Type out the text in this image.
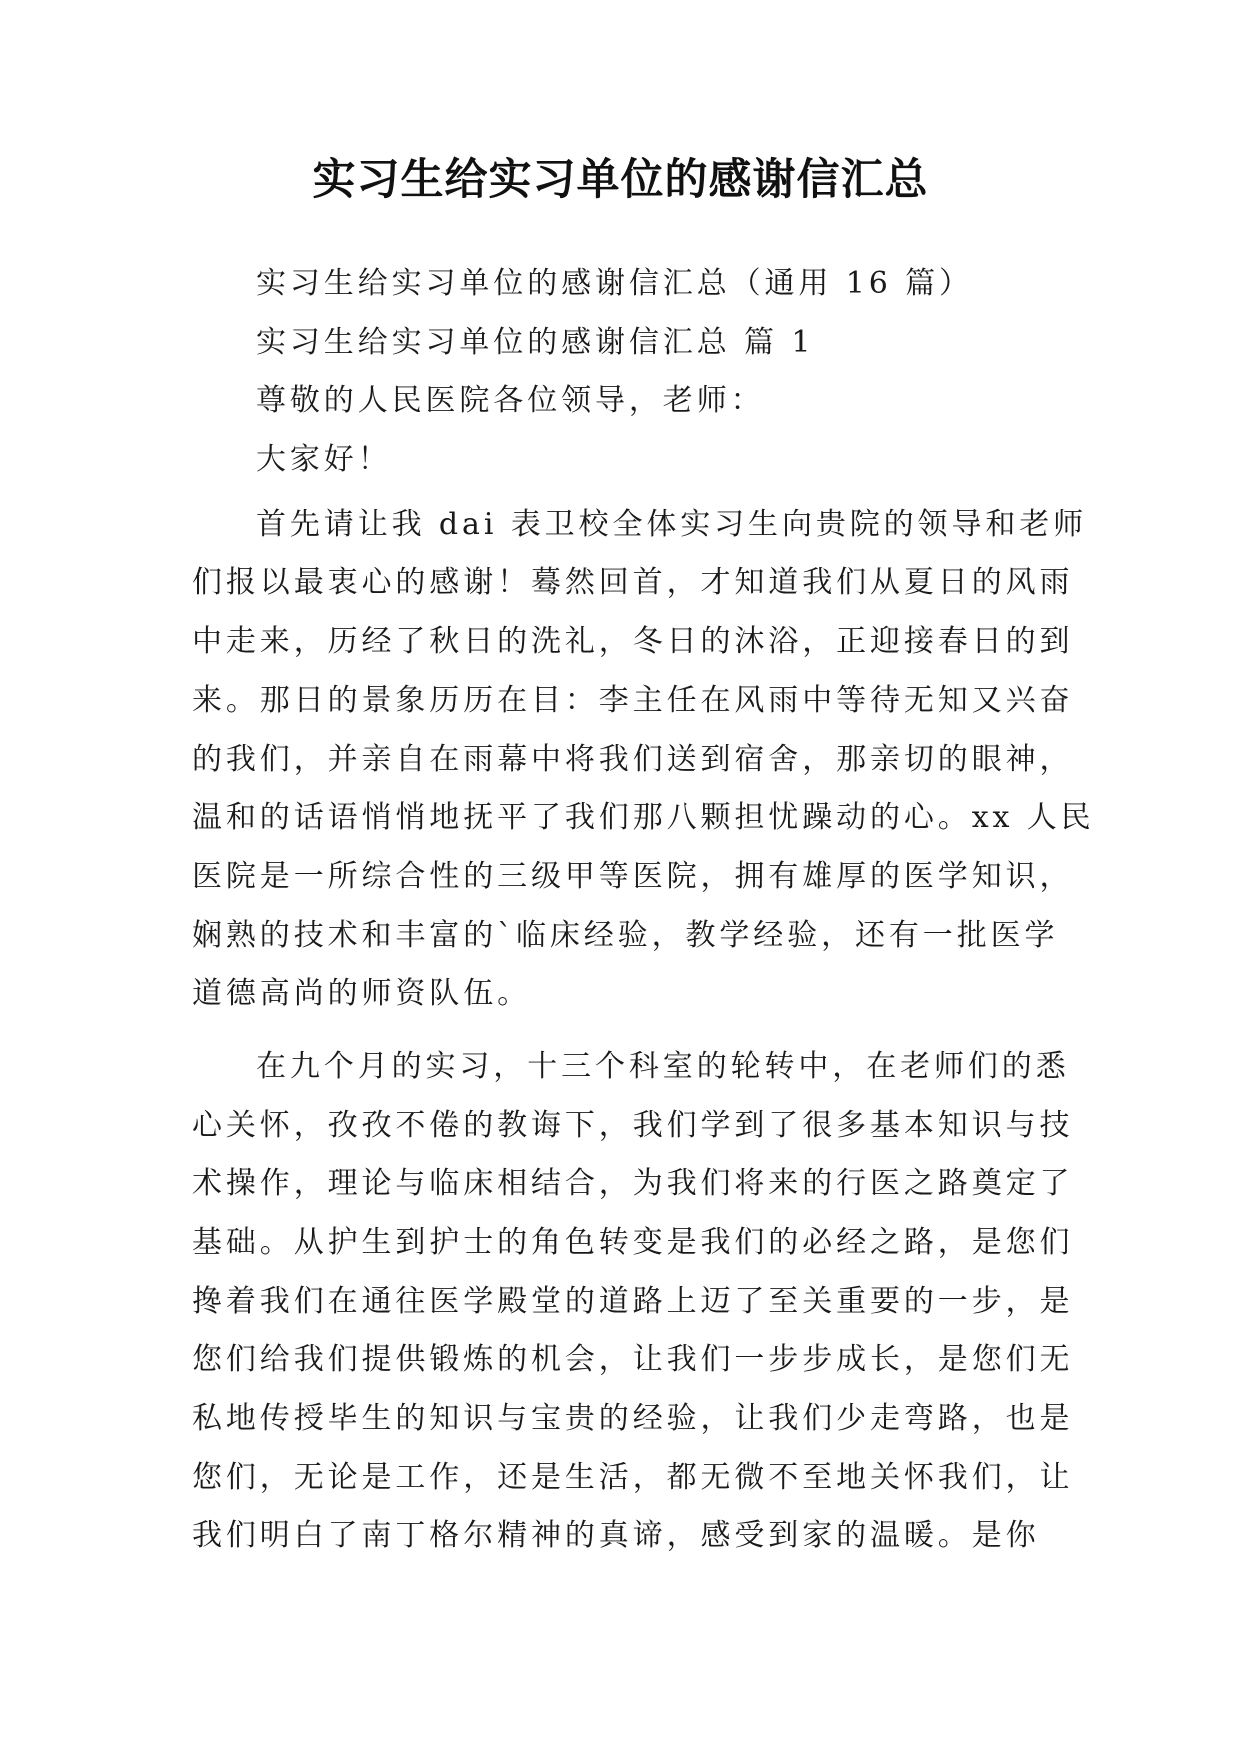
实习生给实习单位的感谢信汇总
实习生给实习单位的感谢信汇总（通用 16 篇）
实习生给实习单位的感谢信汇总 篇 1
尊敬的人民医院各位领导，老师：
大家好！
首先请让我 dai 表卫校全体实习生向贵院的领导和老师
们报以最衷心的感谢！蓦然回首，才知道我们从夏日的风雨
中走来，历经了秋日的洗礼，冬日的沐浴，正迎接春日的到
来。那日的景象历历在目：李主任在风雨中等待无知又兴奋
的我们，并亲自在雨幕中将我们送到宿舍，那亲切的眼神，
温和的话语悄悄地抚平了我们那八颗担忧躁动的心。xx 人民
医院是一所综合性的三级甲等医院，拥有雄厚的医学知识，
娴熟的技术和丰富的`临床经验，教学经验，还有一批医学
道德高尚的师资队伍。
在九个月的实习，十三个科室的轮转中，在老师们的悉
心关怀，孜孜不倦的教诲下，我们学到了很多基本知识与技
术操作，理论与临床相结合，为我们将来的行医之路奠定了
基础。从护生到护士的角色转变是我们的必经之路，是您们
搀着我们在通往医学殿堂的道路上迈了至关重要的一步，是
您们给我们提供锻炼的机会，让我们一步步成长，是您们无
私地传授毕生的知识与宝贵的经验，让我们少走弯路，也是
您们，无论是工作，还是生活，都无微不至地关怀我们，让
我们明白了南丁格尔精神的真谛，感受到家的温暖。是你
